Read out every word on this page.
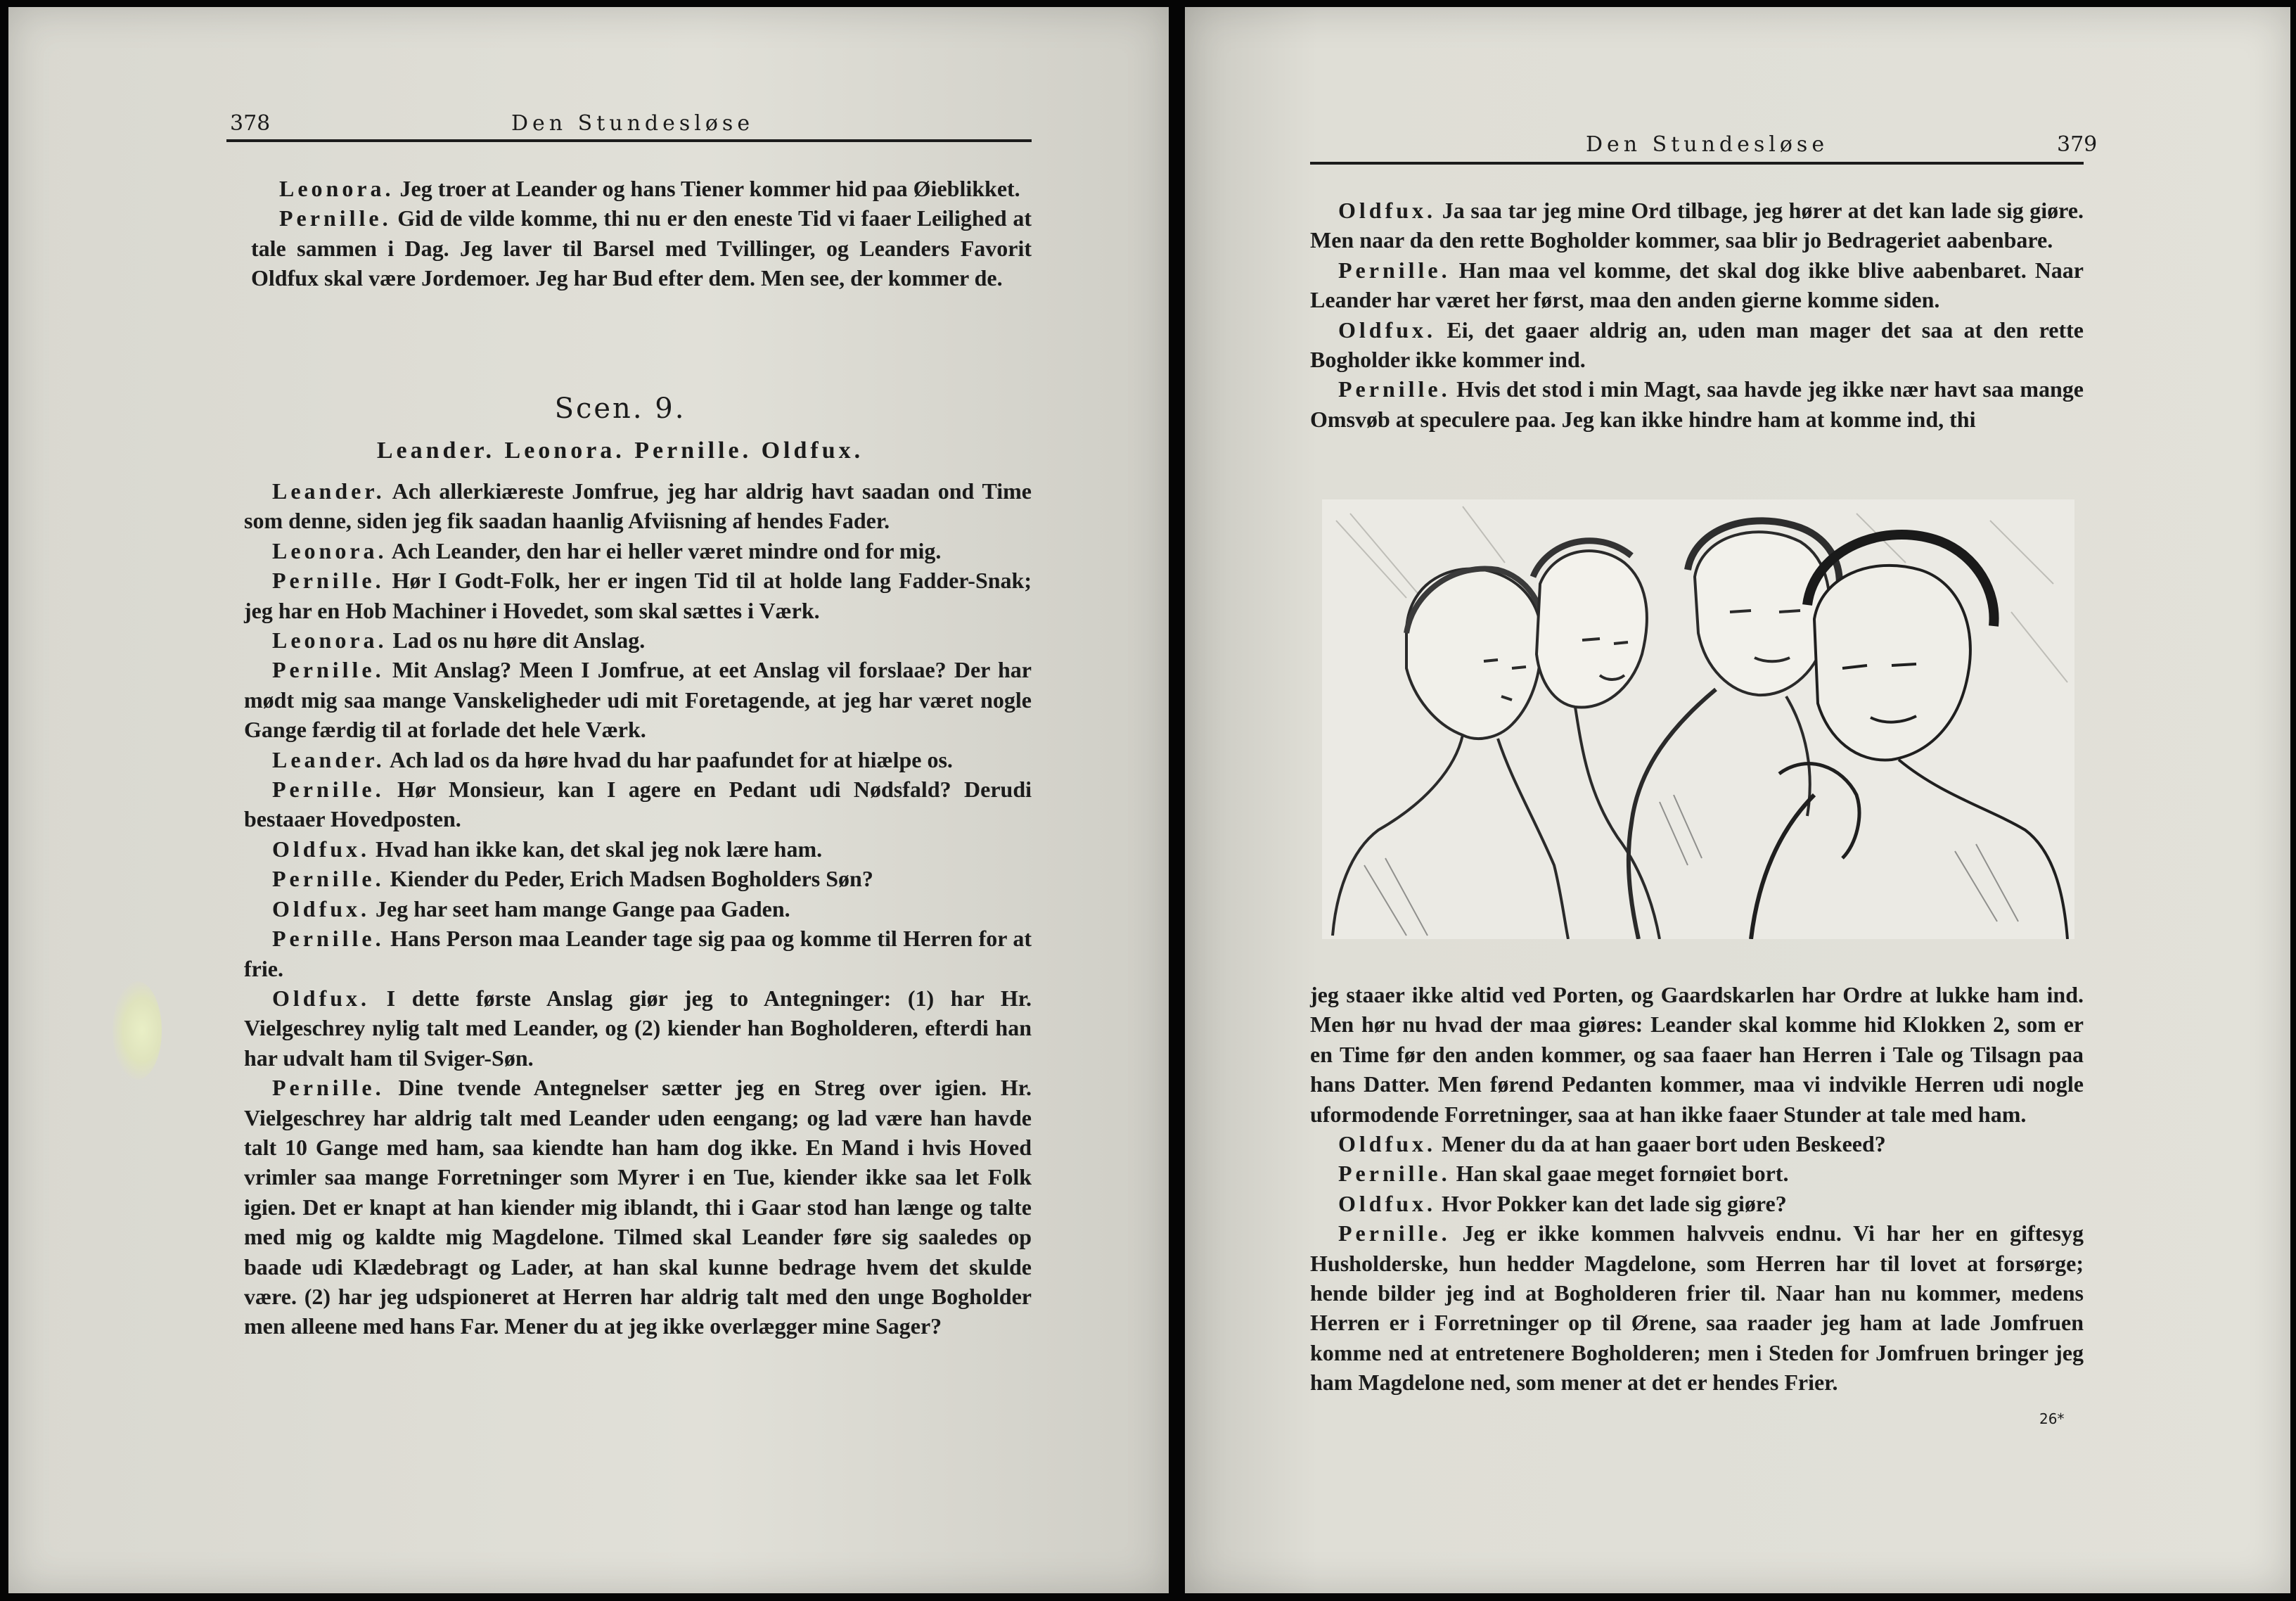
378	Den Stundesløse

Leonora. Jeg troer at Leander og hans Tiener kommer hid paa Øieblikket.

Pernille. Gid de vilde komme, thi nu er den eneste Tid vi faaer Leilighed at tale sammen i Dag. Jeg laver til Barsel med Tvillinger, og Leanders Favorit Oldfux skal være Jordemoer. Jeg har Bud efter dem. Men see, der kommer de.

Scen. 9.
Leander. Leonora. Pernille. Oldfux.

Leander. Ach allerkiæreste Jomfrue, jeg har aldrig havt saadan ond Time som denne, siden jeg fik saadan haanlig Afviisning af hendes Fader.

Leonora. Ach Leander, den har ei heller været mindre ond for mig.

Pernille. Hør I Godt-Folk, her er ingen Tid til at holde lang Fadder-Snak; jeg har en Hob Machiner i Hovedet, som skal sættes i Værk.

Leonora. Lad os nu høre dit Anslag.

Pernille. Mit Anslag? Meen I Jomfrue, at eet Anslag vil forslaae? Der har mødt mig saa mange Vanskeligheder udi mit Foretagende, at jeg har været nogle Gange færdig til at forlade det hele Værk.

Leander. Ach lad os da høre hvad du har paafundet for at hiælpe os.

Pernille. Hør Monsieur, kan I agere en Pedant udi Nødsfald? Derudi bestaaer Hovedposten.

Oldfux. Hvad han ikke kan, det skal jeg nok lære ham.

Pernille. Kiender du Peder, Erich Madsen Bogholders Søn?

Oldfux. Jeg har seet ham mange Gange paa Gaden.

Pernille. Hans Person maa Leander tage sig paa og komme til Herren for at frie.

Oldfux. I dette første Anslag giør jeg to Antegninger: (1) har Hr. Vielgeschrey nylig talt med Leander, og (2) kiender han Bogholderen, efterdi han har udvalt ham til Sviger-Søn.

Pernille. Dine tvende Antegnelser sætter jeg en Streg over igien. Hr. Vielgeschrey har aldrig talt med Leander uden eengang; og lad være han havde talt 10 Gange med ham, saa kiendte han ham dog ikke. En Mand i hvis Hoved vrimler saa mange Forretninger som Myrer i en Tue, kiender ikke saa let Folk igien. Det er knapt at han kiender mig iblandt, thi i Gaar stod han længe og talte med mig og kaldte mig Magdelone. Tilmed skal Leander føre sig saaledes op baade udi Klædebragt og Lader, at han skal kunne bedrage hvem det skulde være. (2) har jeg udspioneret at Herren har aldrig talt med den unge Bogholder men alleene med hans Far. Mener du at jeg ikke overlægger mine Sager?

Den Stundesløse	379

Oldfux. Ja saa tar jeg mine Ord tilbage, jeg hører at det kan lade sig giøre. Men naar da den rette Bogholder kommer, saa blir jo Bedrageriet aabenbare.

Pernille. Han maa vel komme, det skal dog ikke blive aabenbaret. Naar Leander har været her først, maa den anden gierne komme siden.

Oldfux. Ei, det gaaer aldrig an, uden man mager det saa at den rette Bogholder ikke kommer ind.

Pernille. Hvis det stod i min Magt, saa havde jeg ikke nær havt saa mange Omsvøb at speculere paa. Jeg kan ikke hindre ham at komme ind, thi

jeg staaer ikke altid ved Porten, og Gaardskarlen har Ordre at lukke ham ind. Men hør nu hvad der maa giøres: Leander skal komme hid Klokken 2, som er en Time før den anden kommer, og saa faaer han Herren i Tale og Tilsagn paa hans Datter. Men førend Pedanten kommer, maa vi indvikle Herren udi nogle uformodende Forretninger, saa at han ikke faaer Stunder at tale med ham.

Oldfux. Mener du da at han gaaer bort uden Beskeed?

Pernille. Han skal gaae meget fornøiet bort.

Oldfux. Hvor Pokker kan det lade sig giøre?

Pernille. Jeg er ikke kommen halvveis endnu. Vi har her en giftesyg Husholderske, hun hedder Magdelone, som Herren har til lovet at forsørge; hende bilder jeg ind at Bogholderen frier til. Naar han nu kommer, medens Herren er i Forretninger op til Ørene, saa raader jeg ham at lade Jomfruen komme ned at entretenere Bogholderen; men i Steden for Jomfruen bringer jeg ham Magdelone ned, som mener at det er hendes Frier.

26*
